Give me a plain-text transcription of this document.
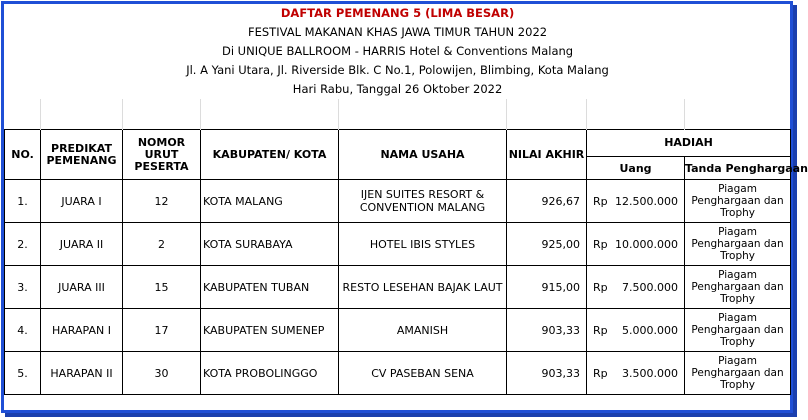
DAFTAR PEMENANG 5 (LIMA BESAR)							
FESTIVAL MAKANAN KHAS JAWA TIMUR TAHUN 2022							
Di UNIQUE BALLROOM - HARRIS Hotel & Conventions Malang							
Jl. A Yani Utara, Jl. Riverside Blk. C No.1, Polowijen, Blimbing, Kota Malang							
Hari Rabu, Tanggal 26 Oktober 2022							

NO.	PREDIKAT PEMENANG	NOMOR URUT PESERTA	KABUPATEN/ KOTA	NAMA USAHA	NILAI AKHIR	HADIAH	
						Uang	Tanda Penghargaan
1.	JUARA I	12	KOTA MALANG	IJEN SUITES RESORT & CONVENTION MALANG	926,67	Rp 12.500.000	Piagam Penghargaan dan Trophy
2.	JUARA II	2	KOTA SURABAYA	HOTEL IBIS STYLES	925,00	Rp 10.000.000	Piagam Penghargaan dan Trophy
3.	JUARA III	15	KABUPATEN TUBAN	RESTO LESEHAN BAJAK LAUT	915,00	Rp 7.500.000	Piagam Penghargaan dan Trophy
4.	HARAPAN I	17	KABUPATEN SUMENEP	AMANISH	903,33	Rp 5.000.000	Piagam Penghargaan dan Trophy
5.	HARAPAN II	30	KOTA PROBOLINGGO	CV PASEBAN SENA	903,33	Rp 3.500.000	Piagam Penghargaan dan Trophy
